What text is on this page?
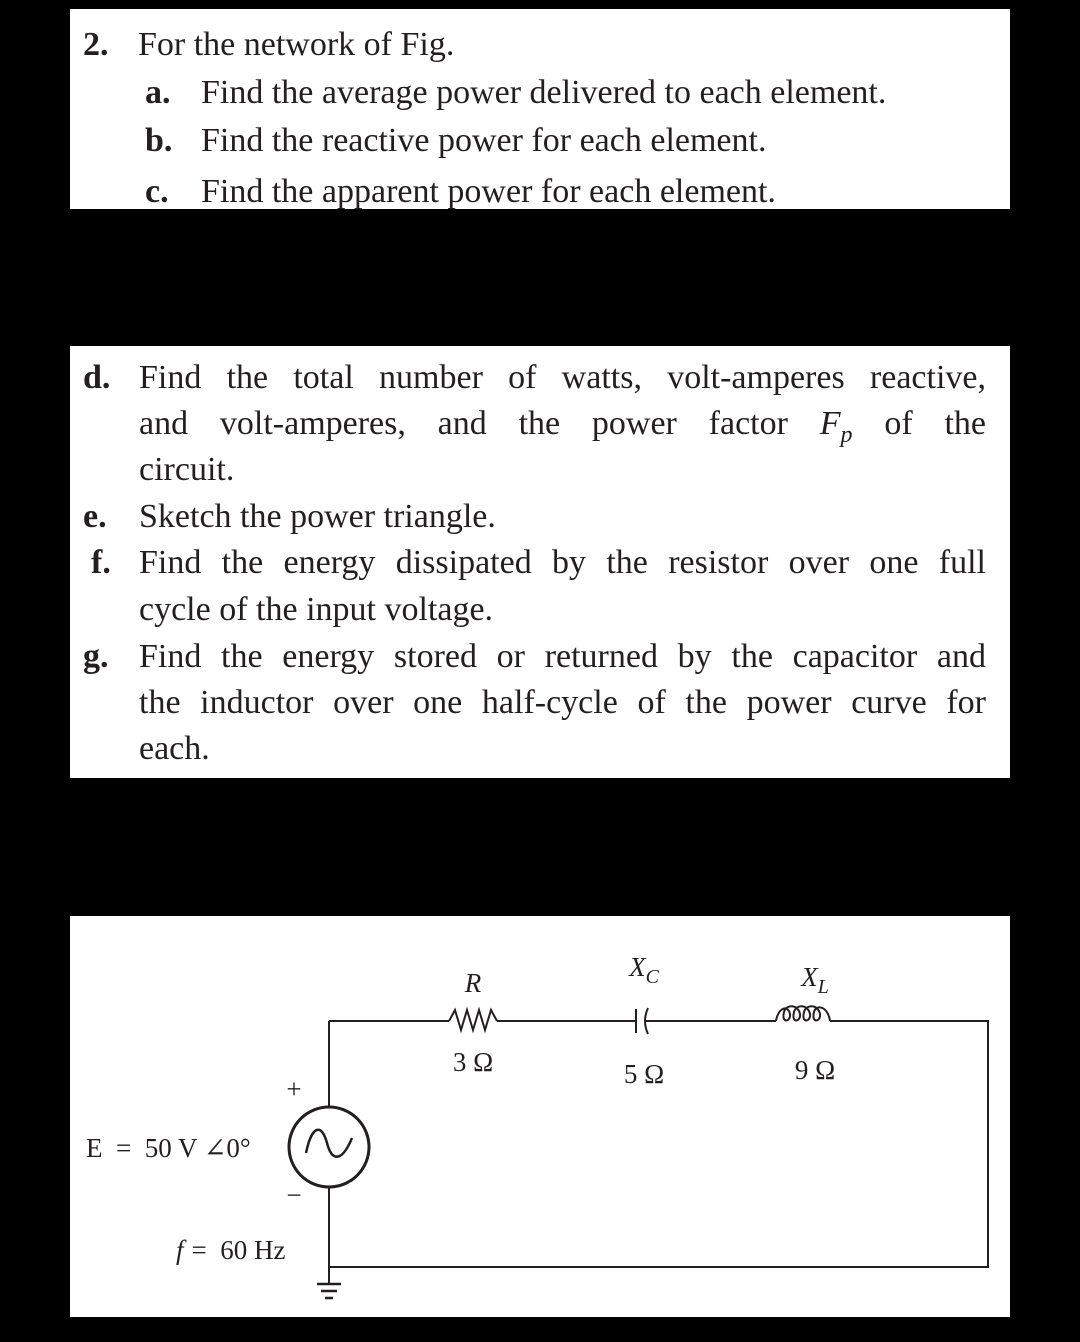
2. For the network of Fig.
a. Find the average power delivered to each element.
b. Find the reactive power for each element.
c. Find the apparent power for each element.
d. Find the total number of watts, volt-amperes reactive,
and volt-amperes, and the power factor $F_p$ of the
circuit.
e. Sketch the power triangle.
f. Find the energy dissipated by the resistor over one full
cycle of the input voltage.
g. Find the energy stored or returned by the capacitor and
the inductor over one half-cycle of the power curve for
each.
R
3 Ω
$X_C$
5 Ω
$X_L$
9 Ω
+
−
E  =  50 V ∠0°
f =  60 Hz
